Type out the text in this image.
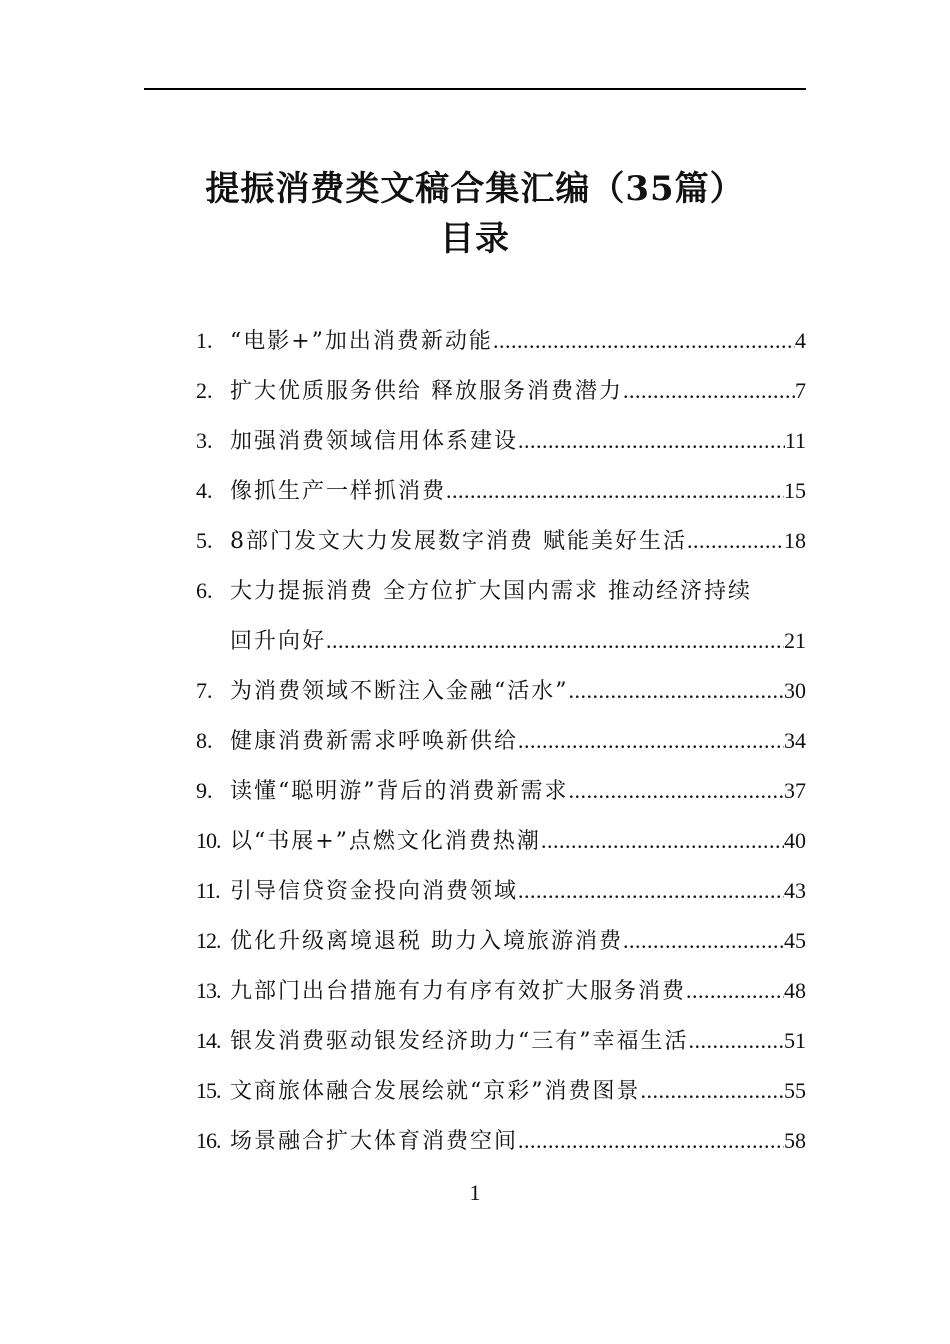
提振消费类文稿合集汇编（35篇）
目录
1. “电影+”加出消费新动能 .....	4
2. 扩大优质服务供给 释放服务消费潜力 .....	7
3. 加强消费领域信用体系建设 .....	11
4. 像抓生产一样抓消费 .....	15
5. 8部门发文大力发展数字消费 赋能美好生活 .....	18
6. 大力提振消费 全方位扩大国内需求 推动经济持续
回升向好 .....	21
7. 为消费领域不断注入金融“活水” .....	30
8. 健康消费新需求呼唤新供给 .....	34
9. 读懂“聪明游”背后的消费新需求 .....	37
10. 以“书展+”点燃文化消费热潮 .....	40
11. 引导信贷资金投向消费领域 .....	43
12. 优化升级离境退税 助力入境旅游消费 .....	45
13. 九部门出台措施有力有序有效扩大服务消费 .....	48
14. 银发消费驱动银发经济助力“三有”幸福生活 .....	51
15. 文商旅体融合发展绘就“京彩”消费图景 .....	55
16. 场景融合扩大体育消费空间 .....	58
1
